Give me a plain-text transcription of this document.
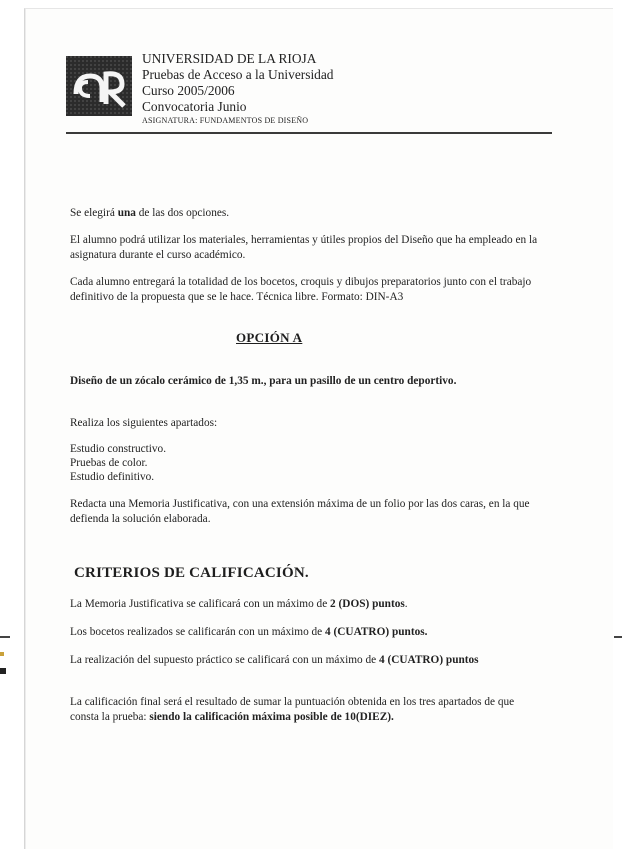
UNIVERSIDAD DE LA RIOJA
Pruebas de Acceso a la Universidad
Curso 2005/2006
Convocatoria Junio
ASIGNATURA: FUNDAMENTOS DE DISEÑO
Se elegirá una de las dos opciones.
El alumno podrá utilizar los materiales, herramientas y útiles propios del Diseño que ha empleado en la asignatura durante el curso académico.
Cada alumno entregará la totalidad de los bocetos, croquis y dibujos preparatorios junto con el trabajo definitivo de la propuesta que se le hace. Técnica libre. Formato: DIN-A3
OPCIÓN A
Diseño de un zócalo cerámico de 1,35 m., para un pasillo de un centro deportivo.
Realiza los siguientes apartados:
Estudio constructivo.
Pruebas de color.
Estudio definitivo.
Redacta una Memoria Justificativa, con una extensión máxima de un folio por las dos caras, en la que defienda la solución elaborada.
CRITERIOS DE CALIFICACIÓN.
La Memoria Justificativa se calificará con un máximo de 2 (DOS) puntos.
Los bocetos realizados se calificarán con un máximo de 4 (CUATRO) puntos.
La realización del supuesto práctico se calificará con un máximo de 4 (CUATRO) puntos
La calificación final será el resultado de sumar la puntuación obtenida en los tres apartados de que consta la prueba: siendo la calificación máxima posible de 10(DIEZ).
